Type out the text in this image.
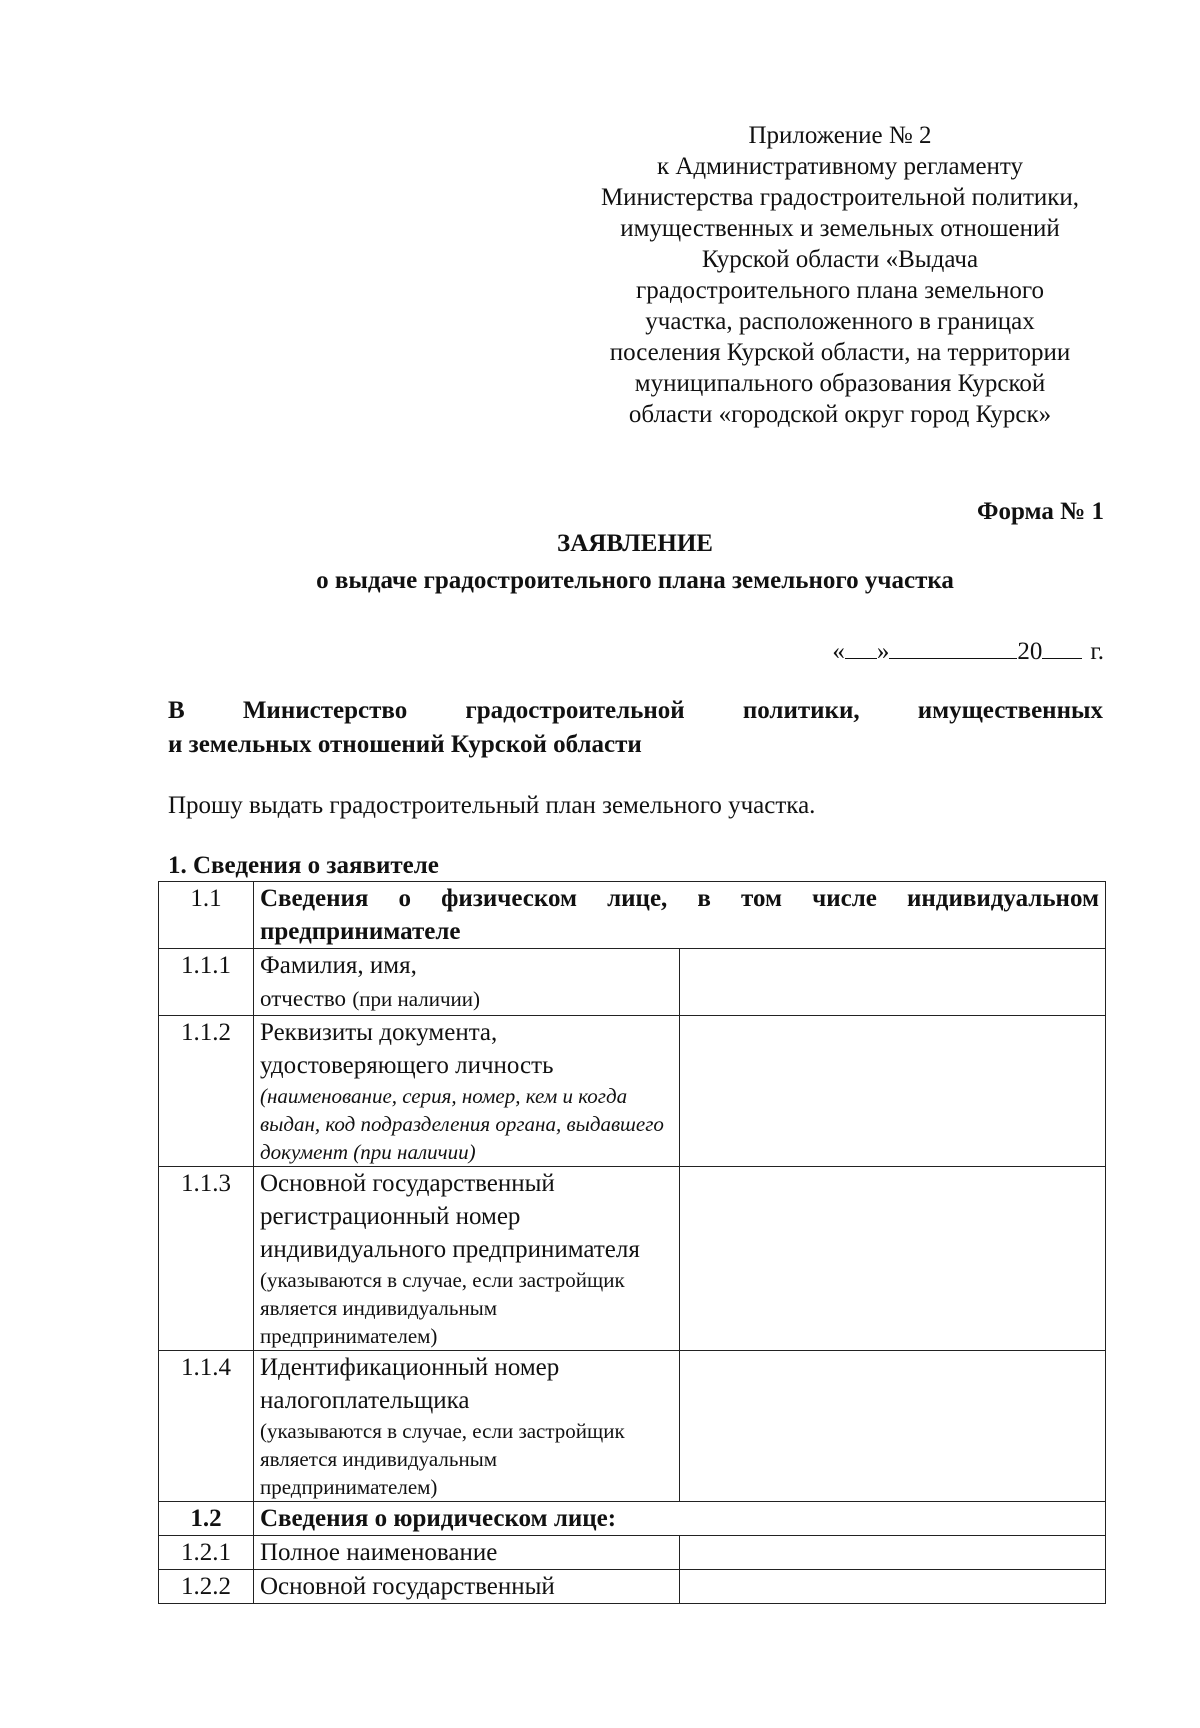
Приложение № 2
к Административному регламенту
Министерства градостроительной политики,
имущественных и земельных отношений
Курской области «Выдача
градостроительного плана земельного
участка, расположенного в границах
поселения Курской области, на территории
муниципального образования Курской
области «городской округ город Курск»
Форма № 1
ЗАЯВЛЕНИЕ
о выдаче градостроительного плана земельного участка
« »	20 г.
В Министерство градостроительной политики, имущественных
и земельных отношений Курской области
Прошу выдать градостроительный план земельного участка.
1. Сведения о заявителе
1.1	Сведения о физическом лице, в том числе индивидуальном предпринимателе	
1.1.1	Фамилия, имя,
отчество (при наличии)	

1.1.2	Реквизиты документа, удостоверяющего личность
(наименование, серия, номер, кем и когда выдан, код подразделения органа, выдавшего документ (при наличии)	

1.1.3	Основной государственный регистрационный номер индивидуального предпринимателя
(указываются в случае, если застройщик является индивидуальным предпринимателем)	

1.1.4	Идентификационный номер налогоплательщика
(указываются в случае, если застройщик является индивидуальным предпринимателем)	

1.2	Сведения о юридическом лице:	
1.2.1	Полное наименование	
1.2.2	Основной государственный	
